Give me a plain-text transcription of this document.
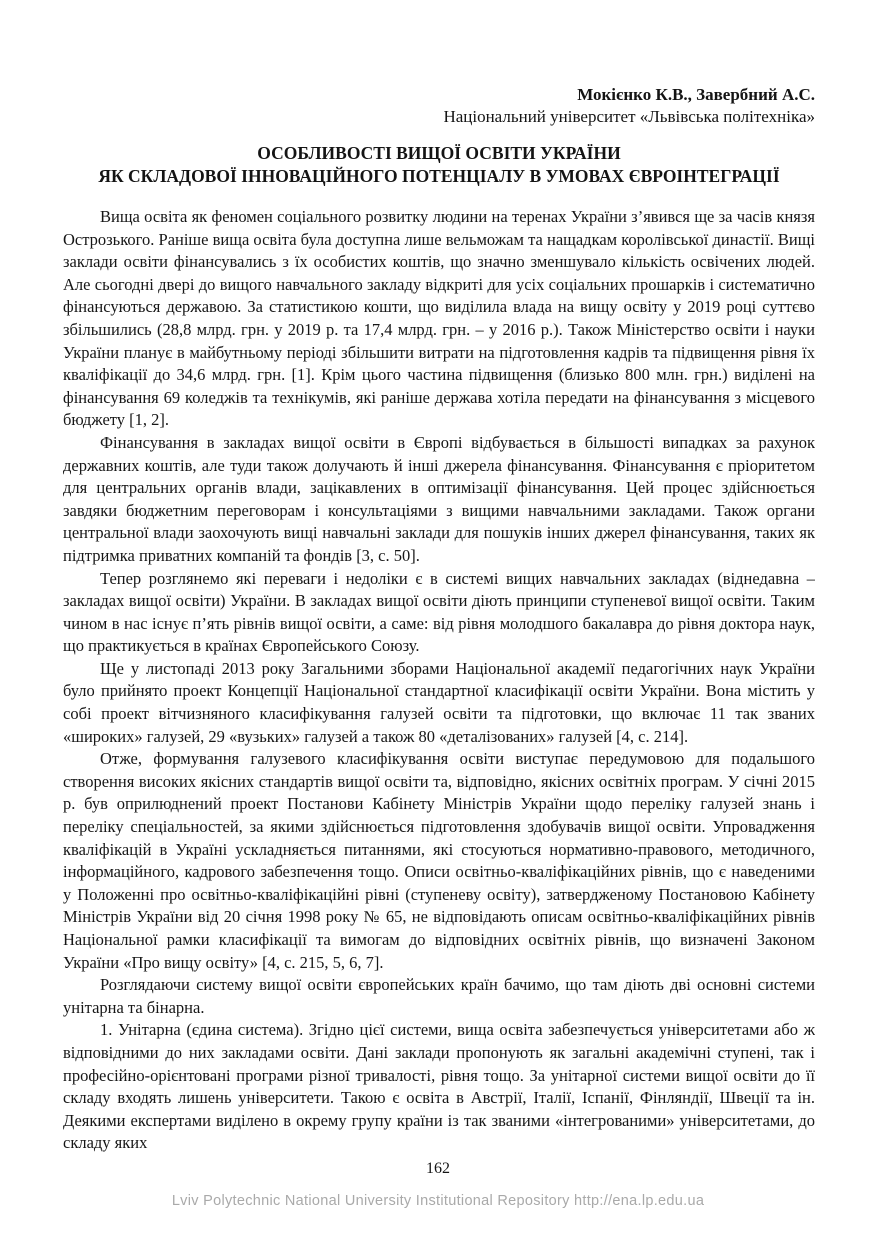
Мокієнко К.В., Завербний А.С.
Національний університет «Львівська політехніка»
ОСОБЛИВОСТІ ВИЩОЇ ОСВІТИ УКРАЇНИ
ЯК СКЛАДОВОЇ ІННОВАЦІЙНОГО ПОТЕНЦІАЛУ В УМОВАХ ЄВРОІНТЕГРАЦІЇ

Вища освіта як феномен соціального розвитку людини на теренах України з’явився ще за часів князя Острозького. Раніше вища освіта була доступна лише вельможам та нащадкам королівської династії. Вищі заклади освіти фінансувались з їх особистих коштів, що значно зменшувало кількість освічених людей. Але сьогодні двері до вищого навчального закладу відкриті для усіх соціальних прошарків і систематично фінансуються державою. За статистикою кошти, що виділила влада на вищу освіту у 2019 році суттєво збільшились (28,8 млрд. грн. у 2019 р. та 17,4 млрд. грн. – у 2016 р.). Також Міністерство освіти і науки України планує в майбутньому періоді збільшити витрати на підготовлення кадрів та підвищення рівня їх кваліфікації до 34,6 млрд. грн. [1]. Крім цього частина підвищення (близько 800 млн. грн.) виділені на фінансування 69 коледжів та технікумів, які раніше держава хотіла передати на фінансування з місцевого бюджету [1, 2].

Фінансування в закладах вищої освіти в Європі відбувається в більшості випадках за рахунок державних коштів, але туди також долучають й інші джерела фінансування. Фінансування є пріоритетом для центральних органів влади, зацікавлених в оптимізації фінансування. Цей процес здійснюється завдяки бюджетним переговорам і консультаціями з вищими навчальними закладами. Також органи центральної влади заохочують вищі навчальні заклади для пошуків інших джерел фінансування, таких як підтримка приватних компаній та фондів [3, с. 50].

Тепер розглянемо які переваги і недоліки є в системі вищих навчальних закладах (віднедавна – закладах вищої освіти) України. В закладах вищої освіти діють принципи ступеневої вищої освіти. Таким чином в нас існує п’ять рівнів вищої освіти, а саме: від рівня молодшого бакалавра до рівня доктора наук, що практикується в країнах Європейського Союзу.

Ще у листопаді 2013 року Загальними зборами Національної академії педагогічних наук України було прийнято проект Концепції Національної стандартної класифікації освіти України. Вона містить у собі проект вітчизняного класифікування галузей освіти та підготовки, що включає 11 так званих «широких» галузей, 29 «вузьких» галузей а також 80 «деталізованих» галузей [4, с. 214].

Отже, формування галузевого класифікування освіти виступає передумовою для подальшого створення високих якісних стандартів вищої освіти та, відповідно, якісних освітніх програм. У січні 2015 р. був оприлюднений проект Постанови Кабінету Міністрів України щодо переліку галузей знань і переліку спеціальностей, за якими здійснюється підготовлення здобувачів вищої освіти. Упровадження кваліфікацій в Україні ускладняється питаннями, які стосуються нормативно-правового, методичного, інформаційного, кадрового забезпечення тощо. Описи освітньо-кваліфікаційних рівнів, що є наведеними у Положенні про освітньо-кваліфікаційні рівні (ступеневу освіту), затвердженому Постановою Кабінету Міністрів України від 20 січня 1998 року № 65, не відповідають описам освітньо-кваліфікаційних рівнів Національної рамки класифікації та вимогам до відповідних освітніх рівнів, що визначені Законом України «Про вищу освіту» [4, с. 215, 5, 6, 7].

Розглядаючи систему вищої освіти європейських країн бачимо, що там діють дві основні системи унітарна та бінарна.

1. Унітарна (єдина система). Згідно цієї системи, вища освіта забезпечується університетами або ж відповідними до них закладами освіти. Дані заклади пропонують як загальні академічні ступені, так і професійно-орієнтовані програми різної тривалості, рівня тощо. За унітарної системи вищої освіти до її складу входять лишень університети. Такою є освіта в Австрії, Італії, Іспанії, Фінляндії, Швеції та ін. Деякими експертами виділено в окрему групу країни із так званими «інтегрованими» університетами, до складу яких

162
Lviv Polytechnic National University Institutional Repository http://ena.lp.edu.ua
